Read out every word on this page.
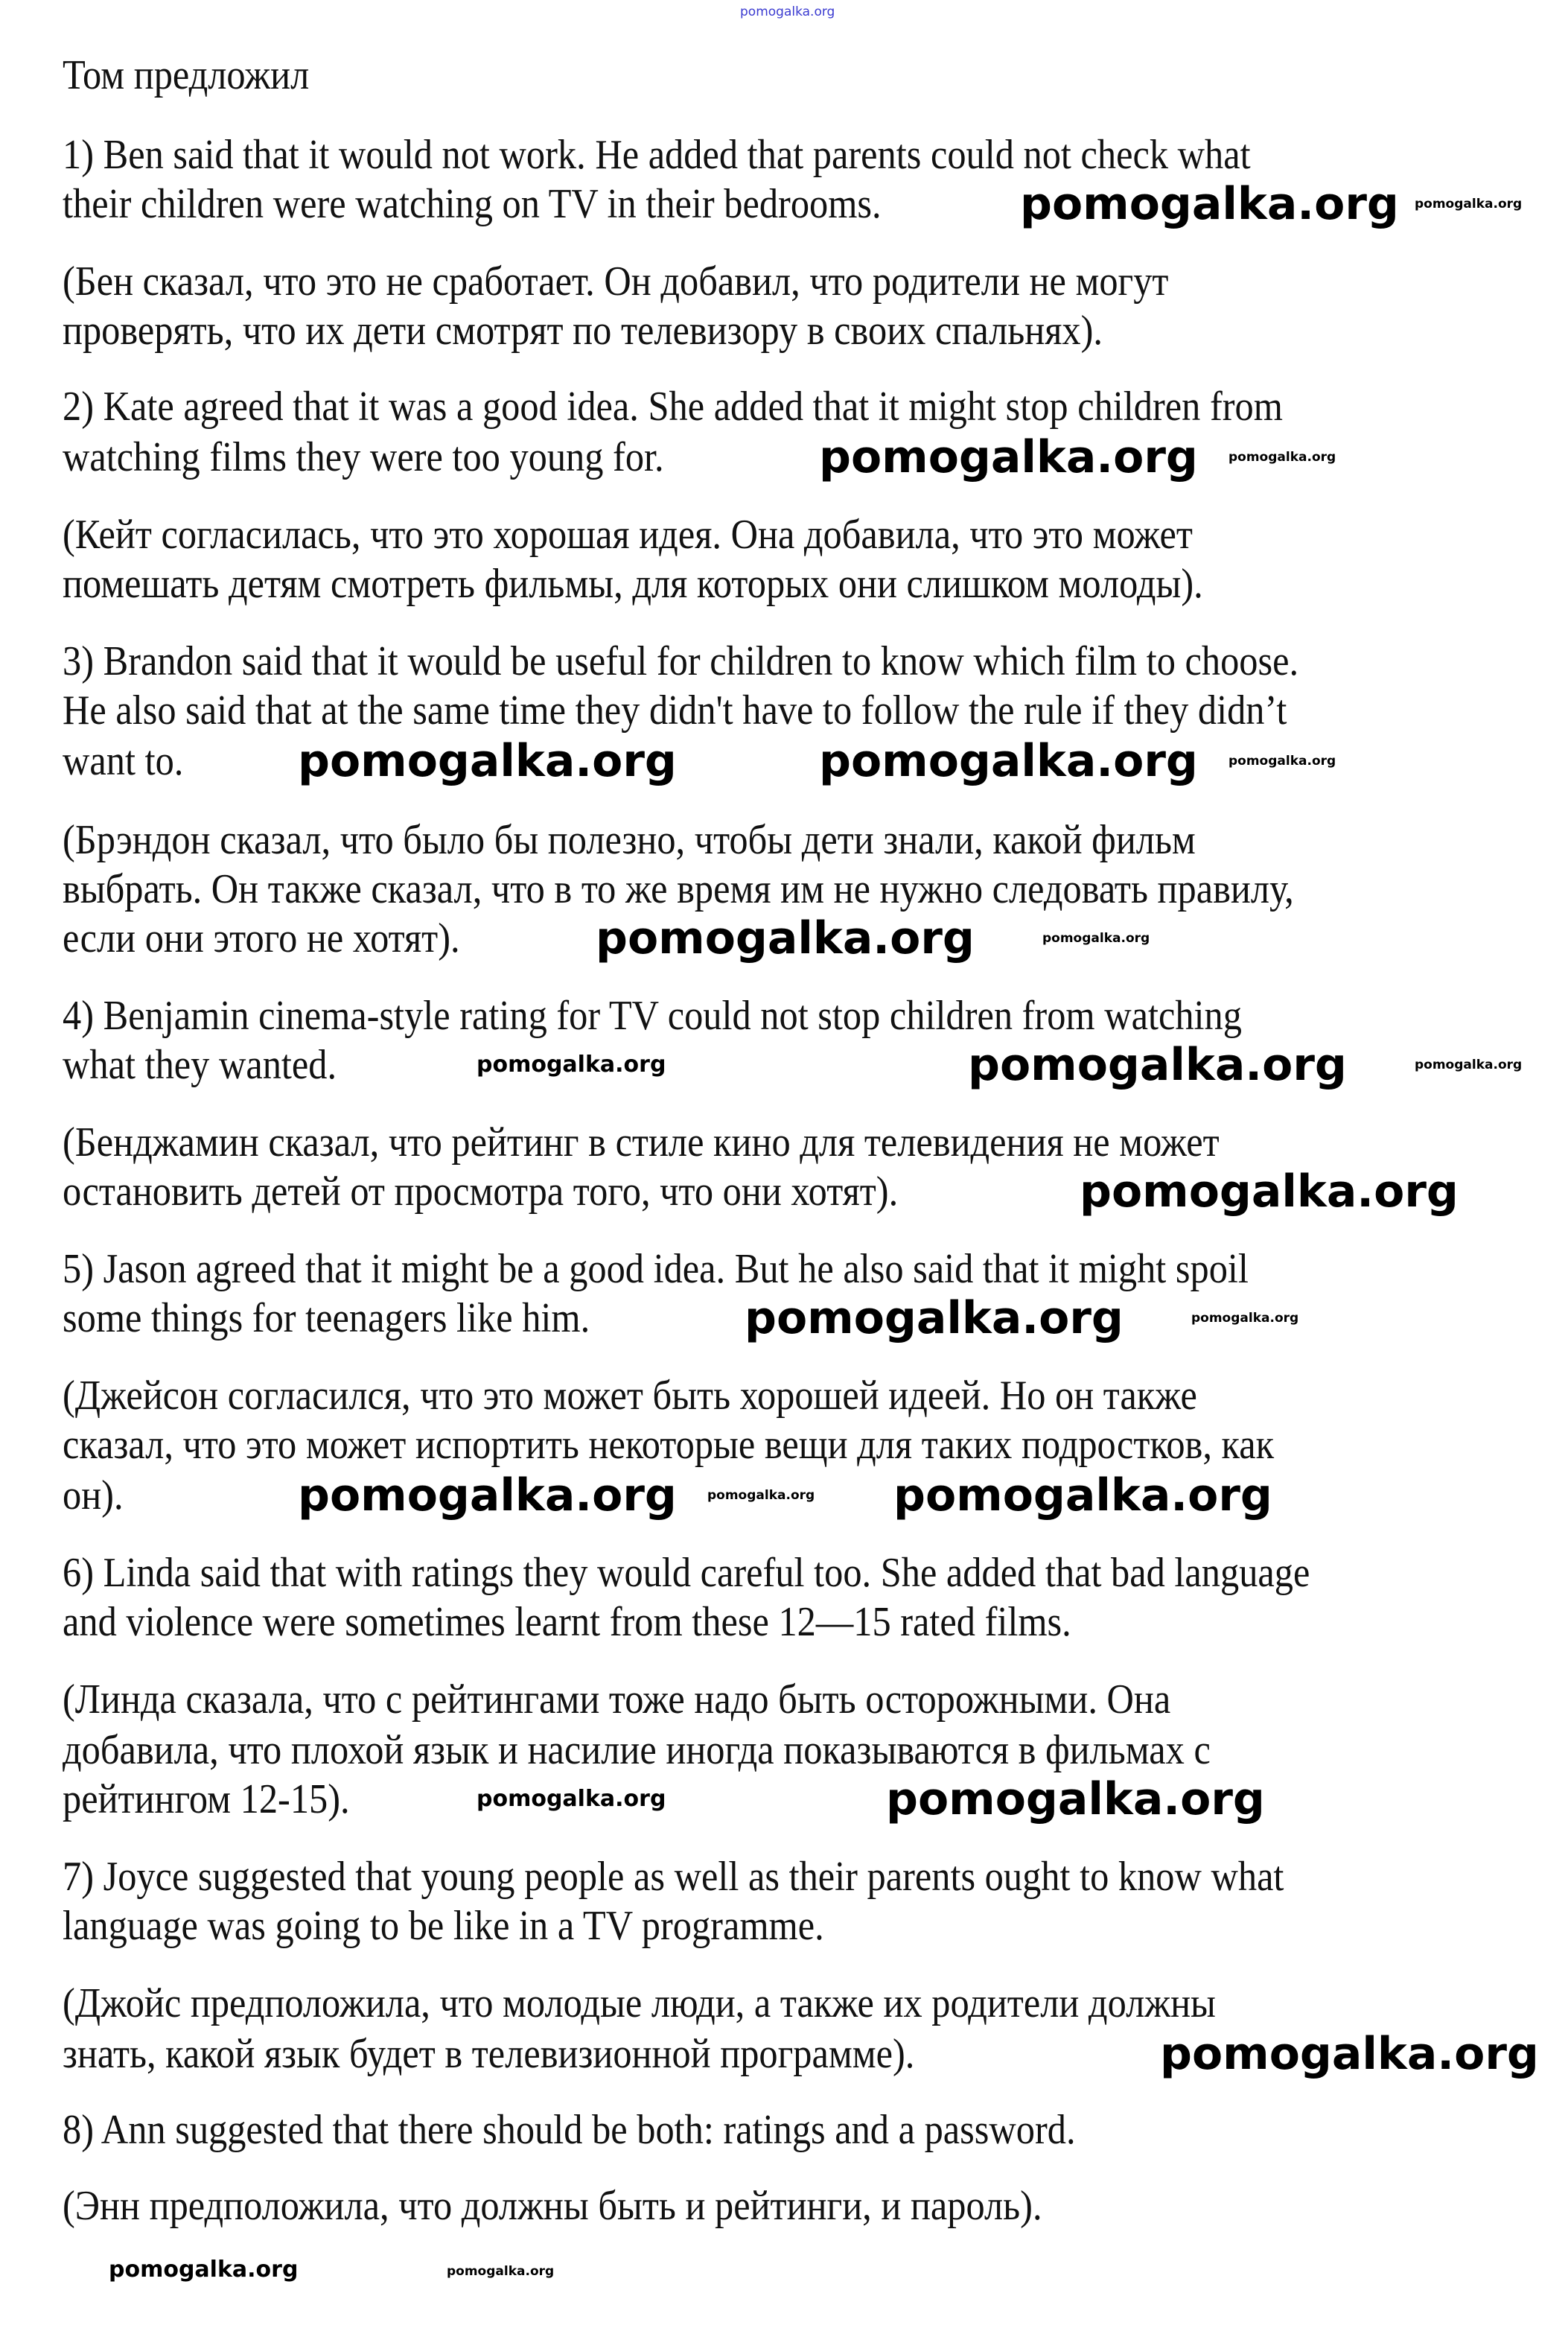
Том предложил
1) Ben said that it would not work. He added that parents could not check what
their children were watching on TV in their bedrooms.
(Бен сказал, что это не сработает. Он добавил, что родители не могут
проверять, что их дети смотрят по телевизору в своих спальнях).
2) Kate agreed that it was a good idea. She added that it might stop children from
watching films they were too young for.
(Кейт согласилась, что это хорошая идея. Она добавила, что это может
помешать детям смотреть фильмы, для которых они слишком молоды).
3) Brandon said that it would be useful for children to know which film to choose.
He also said that at the same time they didn't have to follow the rule if they didn’t
want to.
(Брэндон сказал, что было бы полезно, чтобы дети знали, какой фильм
выбрать. Он также сказал, что в то же время им не нужно следовать правилу,
если они этого не хотят).
4) Benjamin cinema-style rating for TV could not stop children from watching
what they wanted.
(Бенджамин сказал, что рейтинг в стиле кино для телевидения не может
остановить детей от просмотра того, что они хотят).
5) Jason agreed that it might be a good idea. But he also said that it might spoil
some things for teenagers like him.
(Джейсон согласился, что это может быть хорошей идеей. Но он также
сказал, что это может испортить некоторые вещи для таких подростков, как
он).
6) Linda said that with ratings they would careful too. She added that bad language
and violence were sometimes learnt from these 12—15 rated films.
(Линда сказала, что с рейтингами тоже надо быть осторожными. Она
добавила, что плохой язык и насилие иногда показываются в фильмах с
рейтингом 12-15).
7) Joyce suggested that young people as well as their parents ought to know what
language was going to be like in a TV programme.
(Джойс предположила, что молодые люди, а также их родители должны
знать, какой язык будет в телевизионной программе).
8) Ann suggested that there should be both: ratings and a password.
(Энн предположила, что должны быть и рейтинги, и пароль).
pomogalka.org
pomogalka.org
pomogalka.org
pomogalka.org	pomogalka.org
pomogalka.org
pomogalka.org
pomogalka.org
pomogalka.org
pomogalka.org	pomogalka.org
pomogalka.org
pomogalka.org
pomogalka.org
pomogalka.org
pomogalka.org
pomogalka.org
pomogalka.org
pomogalka.org
pomogalka.org
pomogalka.org
pomogalka.org
pomogalka.org
pomogalka.org
